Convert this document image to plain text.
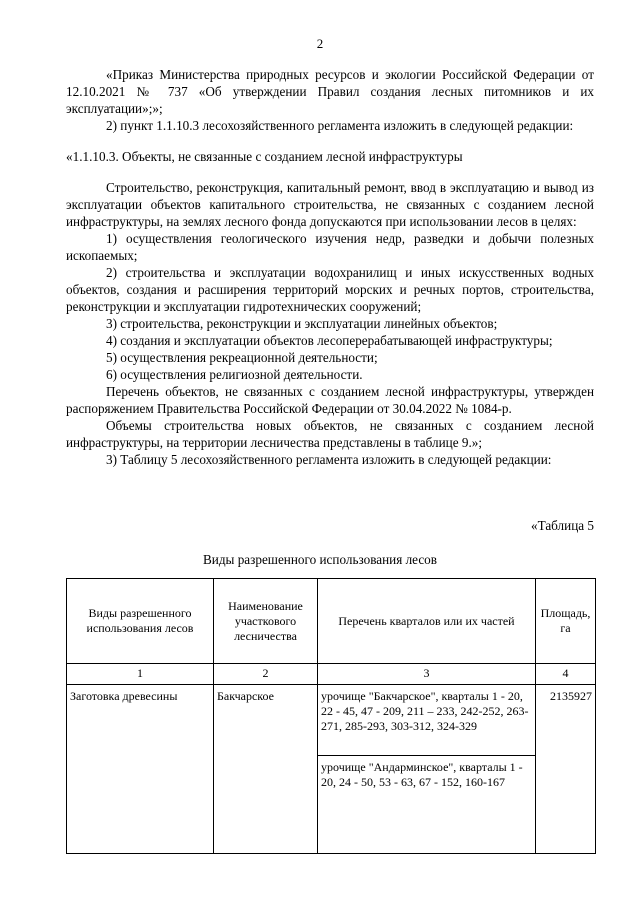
2

«Приказ Министерства природных ресурсов и экологии Российской Федерации от 12.10.2021 № 737 «Об утверждении Правил создания лесных питомников и их эксплуатации»;»;

2) пункт 1.1.10.3 лесохозяйственного регламента изложить в следующей редакции:

«1.1.10.3. Объекты, не связанные с созданием лесной инфраструктуры

Строительство, реконструкция, капитальный ремонт, ввод в эксплуатацию и вывод из эксплуатации объектов капитального строительства, не связанных с созданием лесной инфраструктуры, на землях лесного фонда допускаются при использовании лесов в целях:

1) осуществления геологического изучения недр, разведки и добычи полезных ископаемых;

2) строительства и эксплуатации водохранилищ и иных искусственных водных объектов, создания и расширения территорий морских и речных портов, строительства, реконструкции и эксплуатации гидротехнических сооружений;

3) строительства, реконструкции и эксплуатации линейных объектов;

4) создания и эксплуатации объектов лесоперерабатывающей инфраструктуры;

5) осуществления рекреационной деятельности;

6) осуществления религиозной деятельности.

Перечень объектов, не связанных с созданием лесной инфраструктуры, утвержден распоряжением Правительства Российской Федерации от 30.04.2022 № 1084-р.

Объемы строительства новых объектов, не связанных с созданием лесной инфраструктуры, на территории лесничества представлены в таблице 9.»;

3) Таблицу 5 лесохозяйственного регламента изложить в следующей редакции:

«Таблица 5
Виды разрешенного использования лесов
Виды разрешенного использования лесов	Наименование участкового лесничества	Перечень кварталов или их частей	Площадь, га
1	2	3	4
Заготовка древесины	Бакчарское	урочище "Бакчарское", кварталы 1 - 20, 22 - 45, 47 - 209, 211 – 233, 242-252, 263-271, 285-293, 303-312, 324-329	2135927
		урочище "Андарминское", кварталы 1 - 20, 24 - 50, 53 - 63, 67 - 152, 160-167	
